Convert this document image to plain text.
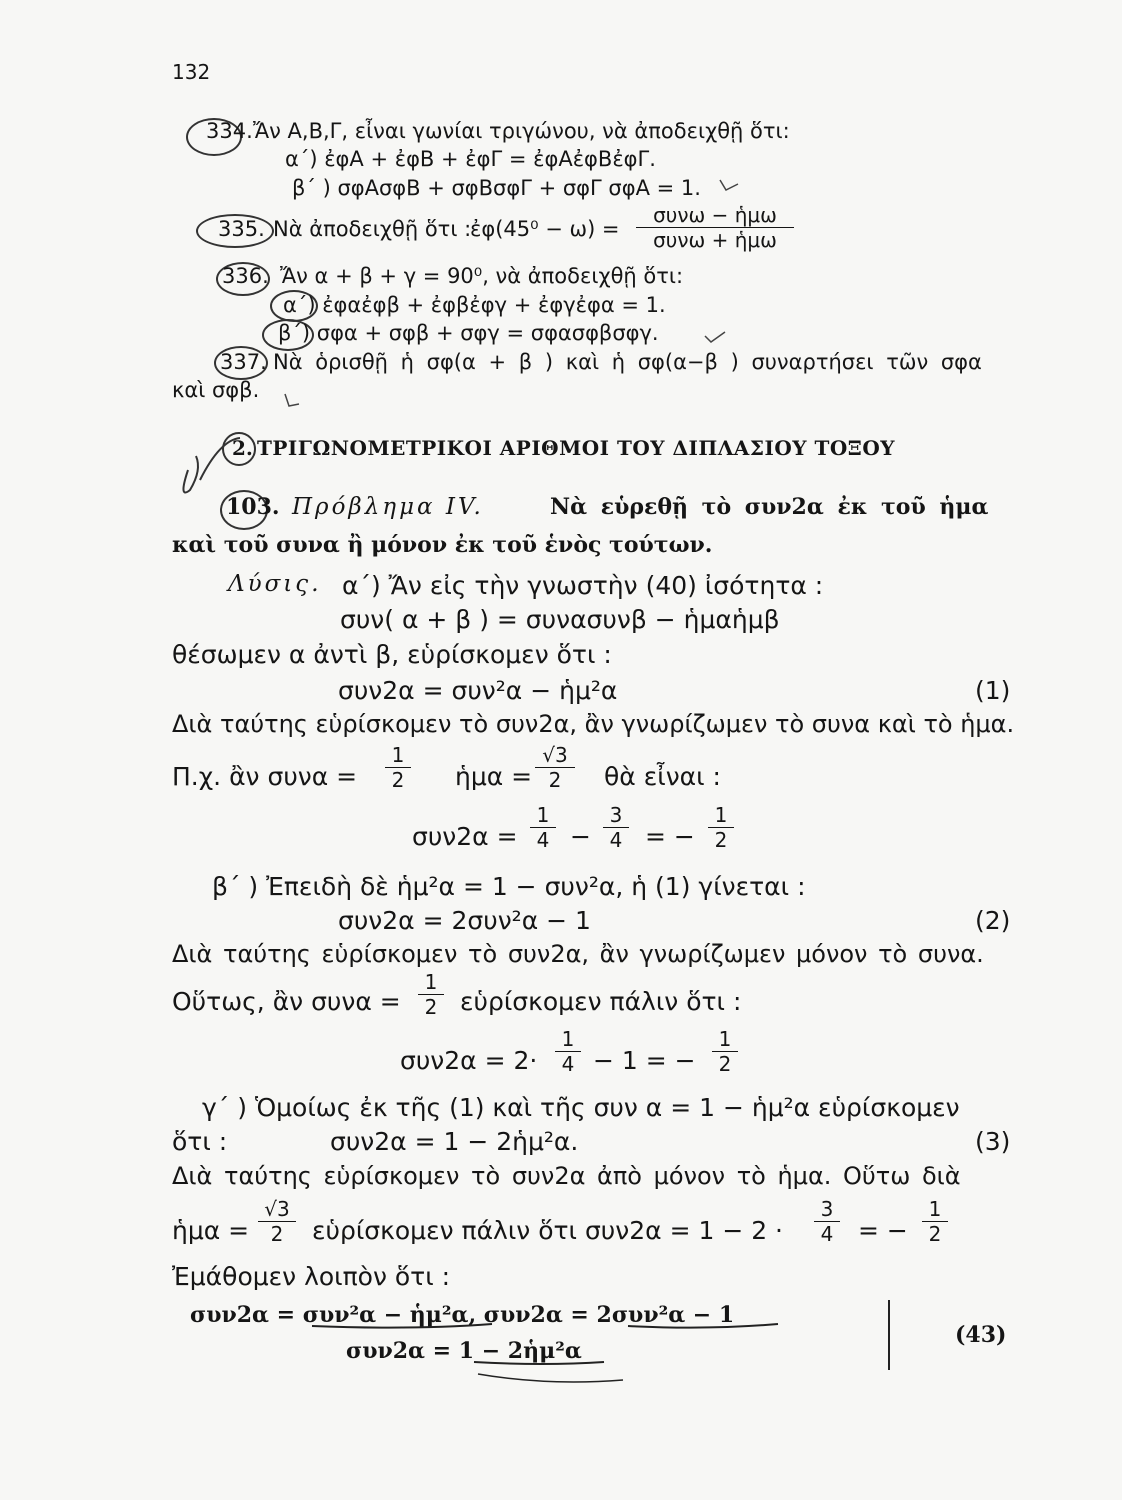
132
334. Ἄν Α,Β,Γ, εἶναι γωνίαι τριγώνου, νὰ ἀποδειχθῇ ὅτι:
α΄) ἐφΑ + ἐφΒ + ἐφΓ = ἐφΑἐφΒἐφΓ.
β΄ ) σφΑσφΒ + σφΒσφΓ + σφΓ σφΑ = 1.
335. Νὰ ἀποδειχθῇ ὅτι :
ἐφ(45⁰ − ω) =
συνω − ἡμω
συνω + ἡμω
336. Ἄν α + β + γ = 90⁰, νὰ ἀποδειχθῇ ὅτι:
α΄) ἐφαἐφβ + ἐφβἐφγ + ἐφγἐφα = 1.
β΄) σφα + σφβ + σφγ = σφασφβσφγ.
337. Νὰ ὁρισθῇ ἡ σφ(α + β ) καὶ ἡ σφ(α−β ) συναρτήσει τῶν σφα
καὶ σφβ.
2. ΤΡΙΓΩΝΟΜΕΤΡΙΚΟΙ ΑΡΙΘΜΟΙ ΤΟΥ ΔΙΠΛΑΣΙΟΥ ΤΟΞΟΥ
103. Πρόβλημα IV.	Νὰ εὑρεθῇ τὸ συν2α ἐκ τοῦ ἡμα
καὶ τοῦ συνα ἢ μόνον ἐκ τοῦ ἑνὸς τούτων.
Λύσις. α΄) Ἄν εἰς τὴν γνωστὴν (40) ἰσότητα :
συν( α + β ) = συνασυνβ − ἡμαἡμβ
θέσωμεν α ἀντὶ β, εὑρίσκομεν ὅτι :
συν2α = συν²α − ἡμ²α	(1)
Διὰ ταύτης εὑρίσκομεν τὸ συν2α, ἂν γνωρίζωμεν τὸ συνα καὶ τὸ ἡμα.
Π.χ. ἂν $\sigma\upsilon\nu\alpha = \frac{1}{2}$ ἡμα = $\frac{√3}{2}$ θὰ εἶναι :
$\sigma\upsilon\nu 2\alpha = \frac{1}{4} - \frac{3}{4}$ = − $\frac{1}{2}$
β΄ ) Ἐπειδὴ δὲ ἡμ²α = 1 − συν²α, ἡ (1) γίνεται :
συν2α = 2συν²α − 1	(2)
Διὰ ταύτης εὑρίσκομεν τὸ συν2α, ἂν γνωρίζωμεν μόνον τὸ συνα.
Οὕτως, ἂν $\sigma\upsilon\nu\alpha = \frac{1}{2}$ εὑρίσκομεν πάλιν ὅτι :
$\sigma\upsilon\nu 2\alpha = 2\cdot \frac{1}{4} - 1$ = − $\frac{1}{2}$
γ΄ ) Ὁμοίως ἐκ τῆς (1) καὶ τῆς συν α = 1 − ἡμ²α εὑρίσκομεν
ὅτι :	συν2α = 1 − 2ἡμ²α.	(3)
Διὰ ταύτης εὑρίσκομεν τὸ συν2α ἀπὸ μόνον τὸ ἡμα. Οὕτω διὰ
ἡμα = $\frac{√3}{2}$ εὑρίσκομεν πάλιν ὅτι $\sigma\upsilon\nu 2\alpha = 1 - 2 \cdot \frac{3}{4}$ = − $\frac{1}{2}$
Ἐμάθομεν λοιπὸν ὅτι :
συν2α = συν²α − ἡμ²α, συν2α = 2συν²α − 1
συν2α = 1 − 2ἡμ²α
(43)
